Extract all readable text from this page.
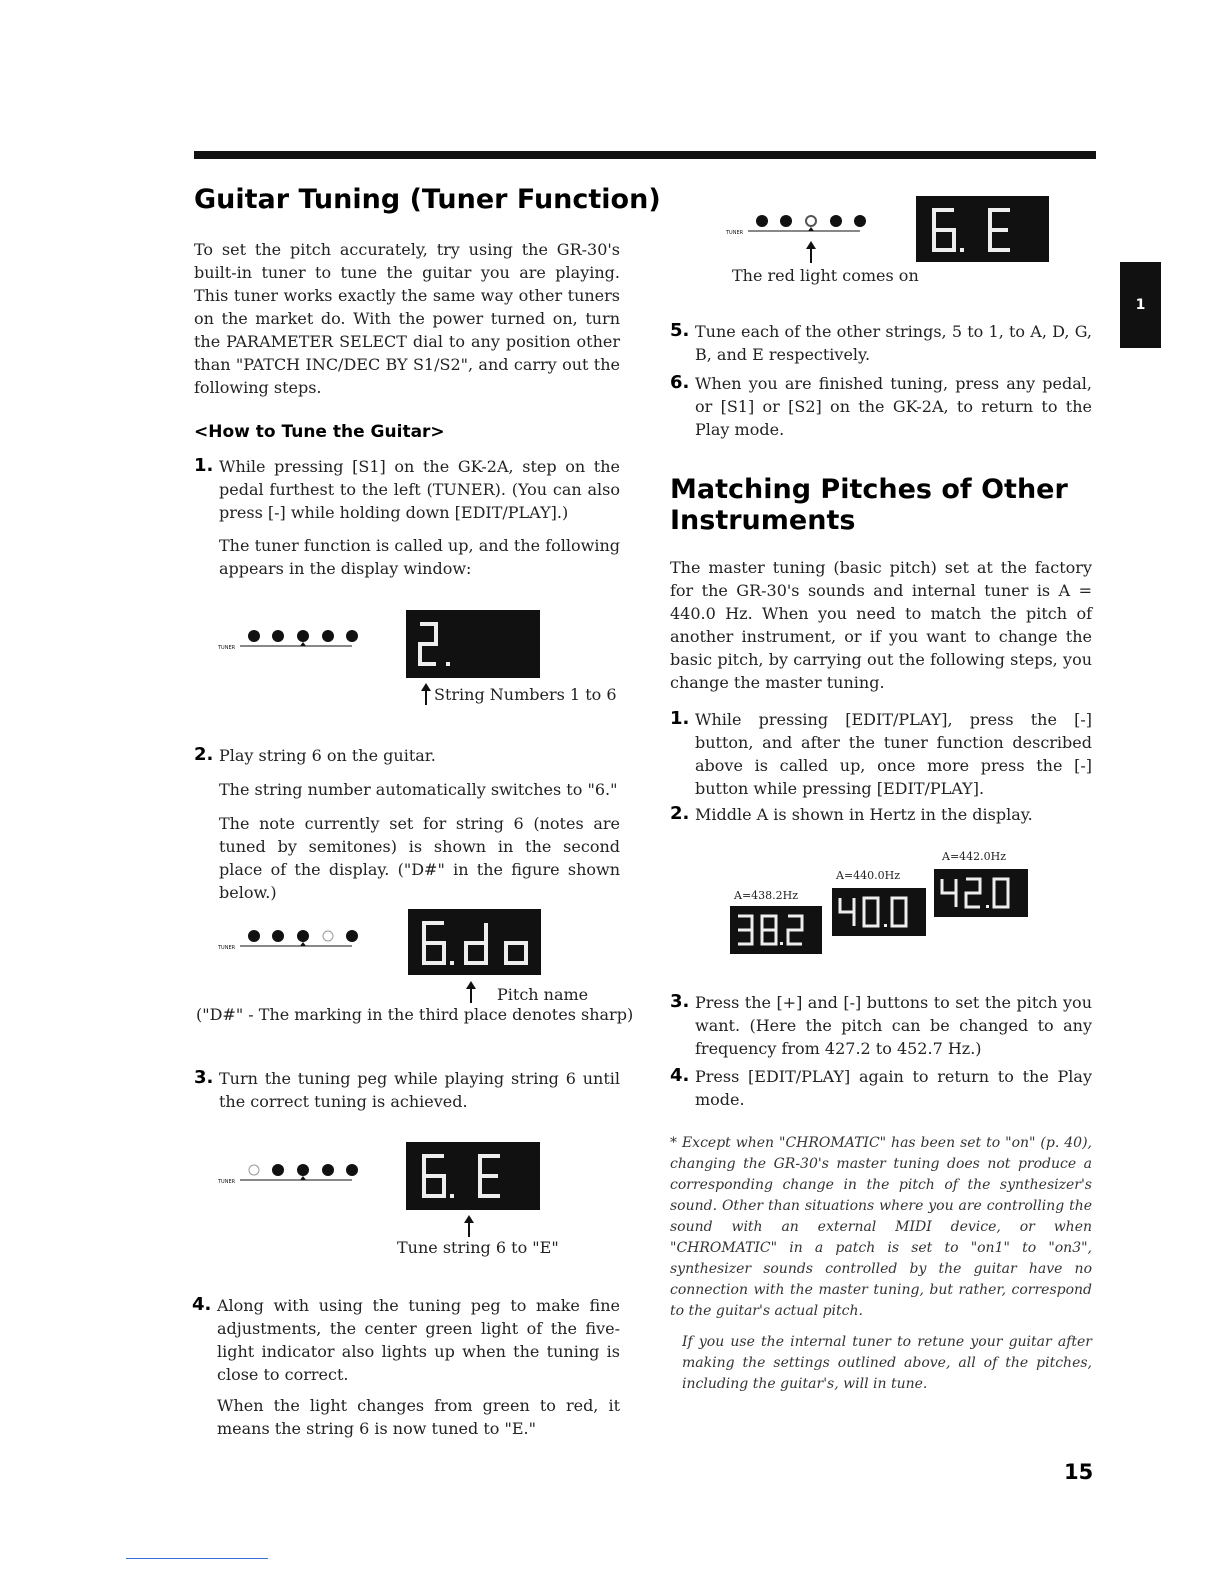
1
Guitar Tuning (Tuner Function)
To set the pitch accurately, try using the GR-30's built-in tuner to tune the guitar you are playing. This tuner works exactly the same way other tuners on the market do. With the power turned on, turn the PARAMETER SELECT dial to any position other than "PATCH INC/DEC BY S1/S2", and carry out the following steps.
<How to Tune the Guitar>
1. While pressing [S1] on the GK-2A, step on the pedal furthest to the left (TUNER). (You can also press [-] while holding down [EDIT/PLAY].)
The tuner function is called up, and the following appears in the display window:
TUNER
String Numbers 1 to 6
2. Play string 6 on the guitar.
The string number automatically switches to "6."
The note currently set for string 6 (notes are tuned by semitones) is shown in the second place of the display. ("D#" in the figure shown below.)
TUNER
Pitch name
("D#" - The marking in the third place denotes sharp)
3. Turn the tuning peg while playing string 6 until the correct tuning is achieved.
TUNER
Tune string 6 to "E"
4. Along with using the tuning peg to make fine adjustments, the center green light of the five-light indicator also lights up when the tuning is close to correct.
When the light changes from green to red, it means the string 6 is now tuned to "E."
TUNER
The red light comes on
5. Tune each of the other strings, 5 to 1, to A, D, G, B, and E respectively.
6. When you are finished tuning, press any pedal, or [S1] or [S2] on the GK-2A, to return to the Play mode.
Matching Pitches of Other Instruments
The master tuning (basic pitch) set at the factory for the GR-30's sounds and internal tuner is A = 440.0 Hz. When you need to match the pitch of another instrument, or if you want to change the basic pitch, by carrying out the following steps, you change the master tuning.
1. While pressing [EDIT/PLAY], press the [-] button, and after the tuner function described above is called up, once more press the [-] button while pressing [EDIT/PLAY].
2. Middle A is shown in Hertz in the display.
A=438.2Hz
A=440.0Hz
A=442.0Hz
3. Press the [+] and [-] buttons to set the pitch you want. (Here the pitch can be changed to any frequency from 427.2 to 452.7 Hz.)
4. Press [EDIT/PLAY] again to return to the Play mode.
* Except when "CHROMATIC" has been set to "on" (p. 40), changing the GR-30's master tuning does not produce a corresponding change in the pitch of the synthesizer's sound. Other than situations where you are controlling the sound with an external MIDI device, or when "CHROMATIC" in a patch is set to "on1" to "on3", synthesizer sounds controlled by the guitar have no connection with the master tuning, but rather, correspond to the guitar's actual pitch.
If you use the internal tuner to retune your guitar after making the settings outlined above, all of the pitches, including the guitar's, will in tune.
15
